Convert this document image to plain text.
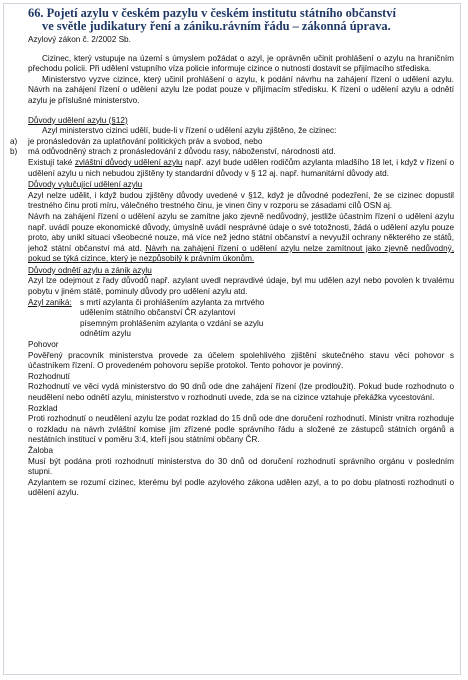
66. Pojetí azylu v českém pazylu v českém institutu státního občanství
ve světle judikatury ření a zániku.rávním řádu – zákonná úprava.

Azylový zákon č. 2/2002 Sb.

Cizinec, který vstupuje na území s úmyslem požádat o azyl, je oprávněn učinit prohlášení o azylu na hraničním přechodu policii. Při udělení vstupního víza policie informuje cizince o nutnosti dostavit se přijímacího střediska.

Ministerstvo vyzve cizince, který učinil prohlášení o azylu, k podání návrhu na zahájení řízení o udělení azylu. Návrh na zahájení řízení o udělení azylu lze podat pouze v přijímacím středisku. K řízení o udělení azylu a odnětí azylu je příslušné ministerstvo.

Důvody udělení azylu (§12)

Azyl ministerstvo cizinci udělí, bude-li v řízení o udělení azylu zjištěno, že cizinec:

a) je pronásledován za uplatňování politických práv a svobod, nebo

b) má odůvodněný strach z pronásledování z důvodu rasy, náboženství, národnosti atd.

Existují také zvláštní důvody udělení azylu např. azyl bude udělen rodičům azylanta mladšího 18 let, i když v řízení o udělení azylu u nich nebudou zjištěny ty standardní důvody v § 12 aj. např. humanitární důvody atd.

Důvody vylučující udělení azylu

Azyl nelze udělit, i když budou zjištěny důvody uvedené v §12, když je důvodné podezření, že se cizinec dopustil trestného činu proti míru, válečného trestného činu, je vinen činy v rozporu se zásadami cílů OSN aj.

Návrh na zahájení řízení o udělení azylu se zamítne jako zjevně nedůvodný, jestliže účastním řízení o udělení azylu např. uvádí pouze ekonomické důvody, úmyslně uvádí nesprávné údaje o své totožnosti, žádá o udělení azylu pouze proto, aby unikl situaci všeobecné nouze, má více než jedno státní občanství a nevyužil ochrany některého ze států, jehož státní občanství má atd. Návrh na zahájení řízení o udělení azylu nelze zamítnout jako zjevně nedůvodný, pokud se týká cizince, který je nezpůsobilý k právním úkonům.

Důvody odnětí azylu a zánik azylu

Azyl lze odejmout z řady důvodů např. azylant uvedl nepravdivé údaje, byl mu udělen azyl nebo povolen k trvalému pobytu v jiném státě, pominuly důvody pro udělení azylu atd.

Azyl zaniká:	s mrtí azylanta či prohlášením azylanta za mrtvého

udělením státního občanství ČR azylantovi

písemným prohlášením azylanta o vzdání se azylu

odnětím azylu

Pohovor

Pověřený pracovník ministerstva provede za účelem spolehlivého zjištění skutečného stavu věci pohovor s účastníkem řízení. O provedeném pohovoru sepíše protokol. Tento pohovor je povinný.

Rozhodnutí

Rozhodnutí ve věci vydá ministerstvo do 90 dnů ode dne zahájení řízení (lze prodloužit). Pokud bude rozhodnuto o neudělení nebo odnětí azylu, ministerstvo v rozhodnutí uvede, zda se na cizince vztahuje překážka vycestování.

Rozklad

Proti rozhodnutí o neudělení azylu lze podat rozklad do 15 dnů ode dne doručení rozhodnutí. Ministr vnitra rozhoduje o rozkladu na návrh zvláštní komise jím zřízené podle správního řádu a složené ze zástupců státních orgánů a nestátních institucí v poměru 3:4, kteří jsou státními občany ČR.

Žaloba

Musí být podána proti rozhodnutí ministerstva do 30 dnů od doručení rozhodnutí správního orgánu v posledním stupni.

Azylantem se rozumí cizinec, kterému byl podle azylového zákona udělen azyl, a to po dobu platnosti rozhodnutí o udělení azylu.
